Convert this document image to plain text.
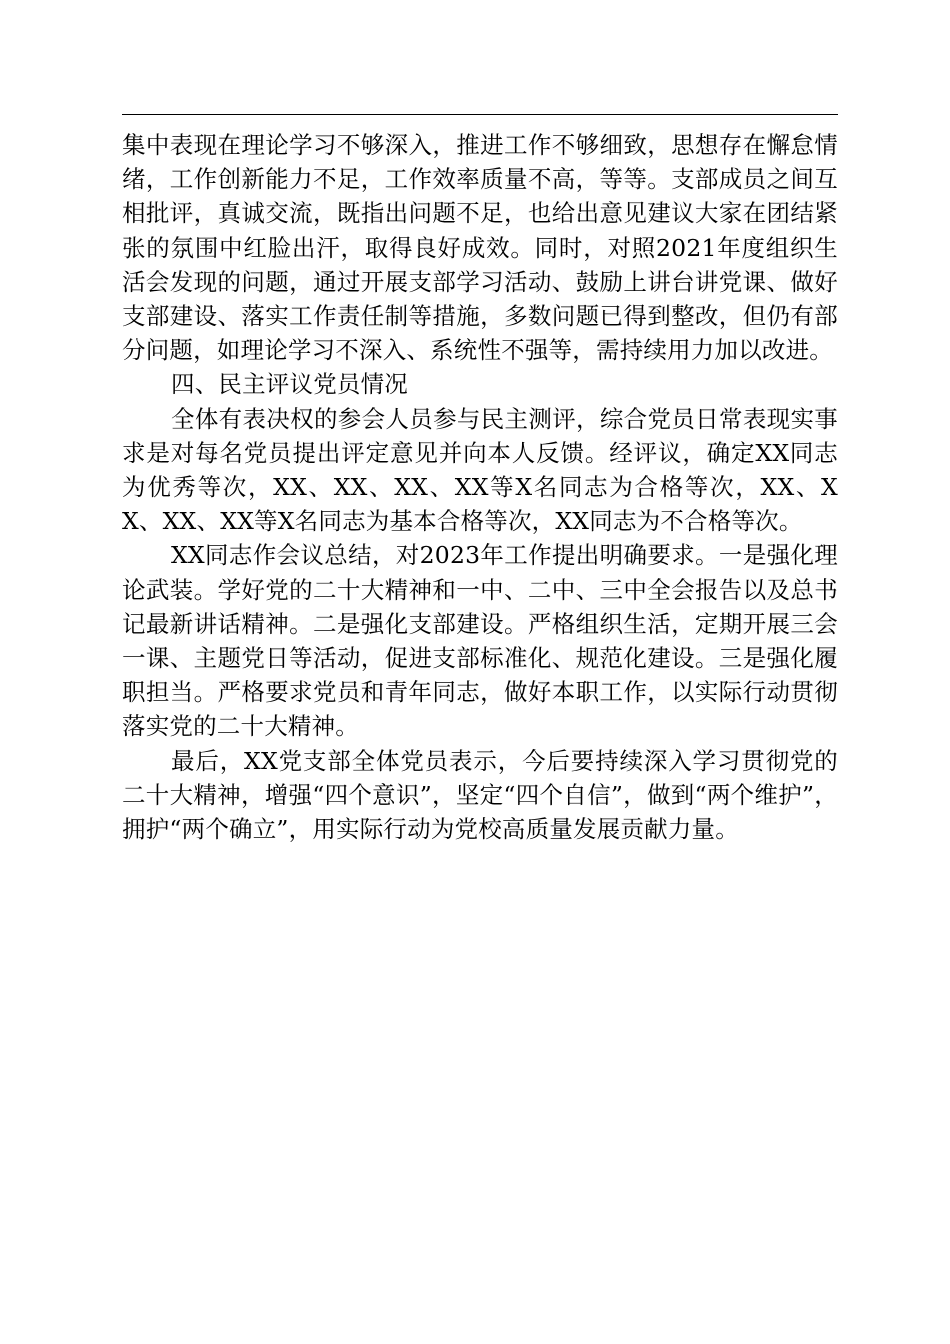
集中表现在理论学习不够深入，推进工作不够细致，思想存在懈怠情绪，工作创新能力不足，工作效率质量不高，等等。支部成员之间互相批评，真诚交流，既指出问题不足，也给出意见建议大家在团结紧张的氛围中红脸出汗，取得良好成效。同时，对照2021年度组织生活会发现的问题，通过开展支部学习活动、鼓励上讲台讲党课、做好支部建设、落实工作责任制等措施，多数问题已得到整改，但仍有部分问题，如理论学习不深入、系统性不强等，需持续用力加以改进。

四、民主评议党员情况

全体有表决权的参会人员参与民主测评，综合党员日常表现实事求是对每名党员提出评定意见并向本人反馈。经评议，确定XX同志为优秀等次，XX、XX、XX、XX等X名同志为合格等次，XX、XX、XX、XX等X名同志为基本合格等次，XX同志为不合格等次。

XX同志作会议总结，对2023年工作提出明确要求。一是强化理论武装。学好党的二十大精神和一中、二中、三中全会报告以及总书记最新讲话精神。二是强化支部建设。严格组织生活，定期开展三会一课、主题党日等活动，促进支部标准化、规范化建设。三是强化履职担当。严格要求党员和青年同志，做好本职工作，以实际行动贯彻落实党的二十大精神。

最后，XX党支部全体党员表示，今后要持续深入学习贯彻党的二十大精神，增强“四个意识”，坚定“四个自信”，做到“两个维护”，拥护“两个确立”，用实际行动为党校高质量发展贡献力量。
